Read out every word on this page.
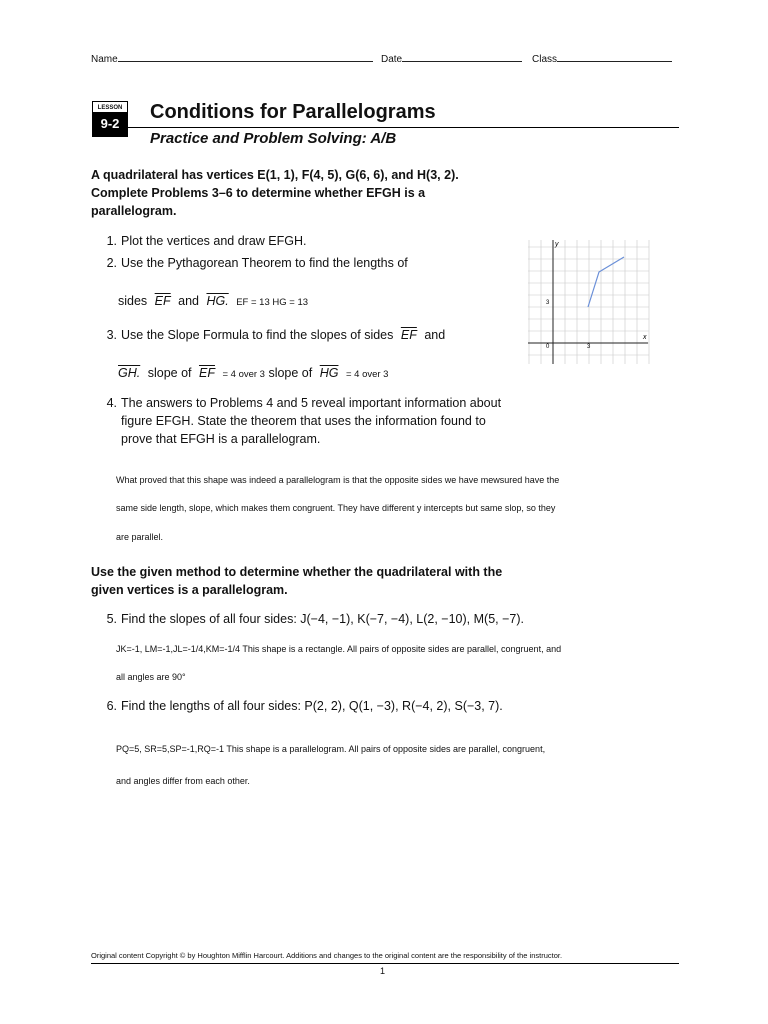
Name	Date	Class
LESSON
9-2
Conditions for Parallelograms
Practice and Problem Solving: A/B
A quadrilateral has vertices E(1, 1), F(4, 5), G(6, 6), and H(3, 2).
Complete Problems 3–6 to determine whether EFGH is a
parallelogram.
1. Plot the vertices and draw EFGH.
2. Use the Pythagorean Theorem to find the lengths of
sides $\overline{EF}$ and HG. EF = 13 HG = 13
3. Use the Slope Formula to find the slopes of sides $\overline{EF}$ and
GH. slope of $\overline{EF} = 4$ over 3 slope of $\overline{HG} = 4$ over 3
4. The answers to Problems 4 and 5 reveal important information about
figure EFGH. State the theorem that uses the information found to
prove that EFGH is a parallelogram.
What proved that this shape was indeed a parallelogram is that the opposite sides we have mewsured have the
same side length, slope, which makes them congruent. They have different y intercepts but same slop, so they
are parallel.
y
x
0	3
3
Use the given method to determine whether the quadrilateral with the
given vertices is a parallelogram.
5. Find the slopes of all four sides: J(−4, −1), K(−7, −4), L(2, −10), M(5, −7).
JK=-1, LM=-1,JL=-1/4,KM=-1/4 This shape is a rectangle. All pairs of opposite sides are parallel, congruent, and
all angles are 90°
6. Find the lengths of all four sides: P(2, 2), Q(1, −3), R(−4, 2), S(−3, 7).
PQ=5, SR=5,SP=-1,RQ=-1 This shape is a parallelogram. All pairs of opposite sides are parallel, congruent,
and angles differ from each other.
Original content Copyright © by Houghton Mifflin Harcourt. Additions and changes to the original content are the responsibility of the instructor.
1
